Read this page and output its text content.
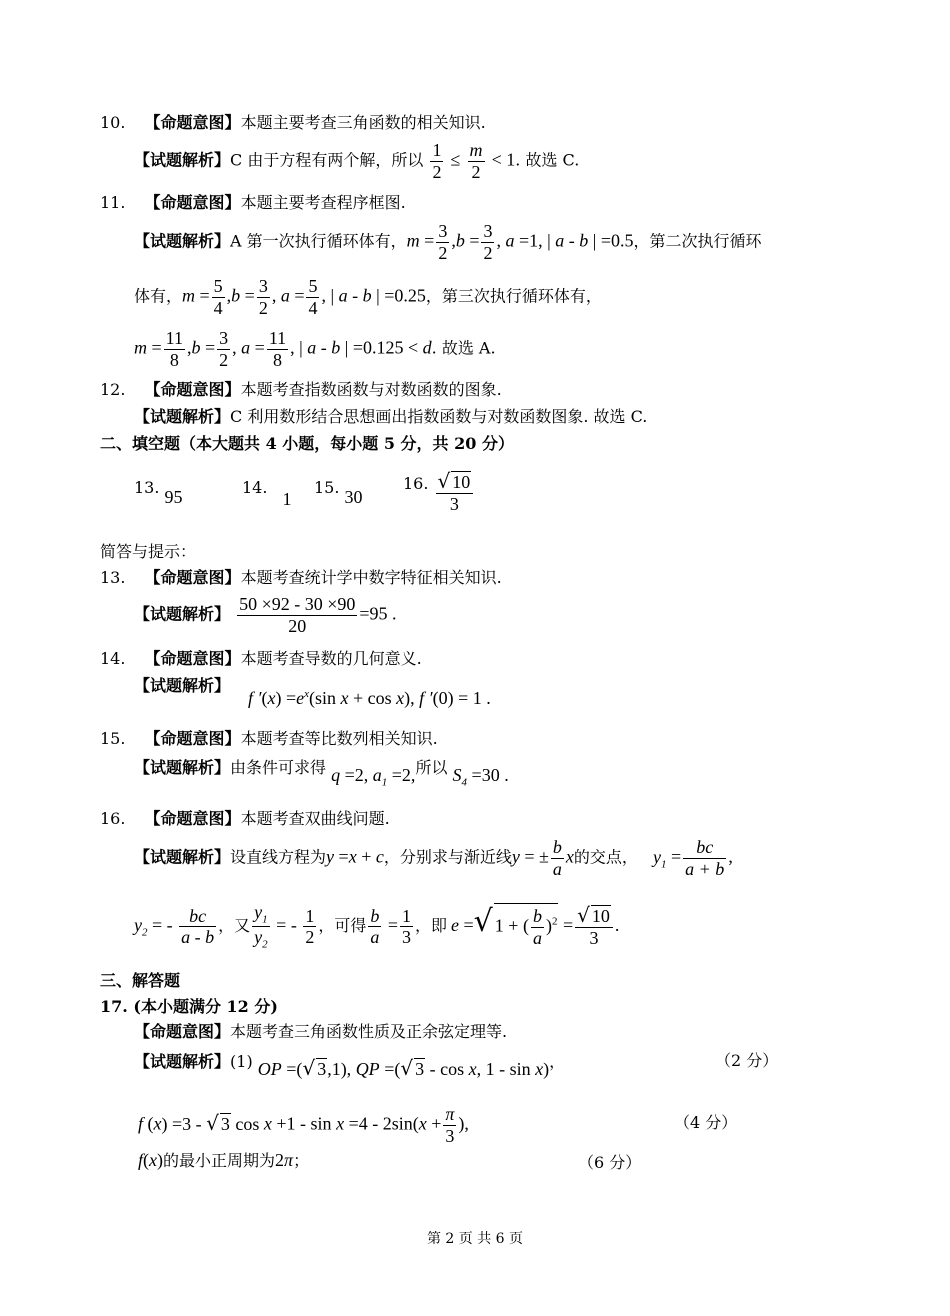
10. 【命题意图】本题主要考查三角函数的相关知识.
【试题解析】C 由于方程有两个解，所以 $\frac{1}{2} \le \frac{m}{2} < 1$. 故选 C.
11. 【命题意图】本题主要考查程序框图.
【试题解析】A 第一次执行循环体有，$m = \frac{3}{2} ,b = \frac{3}{2}$ , a =1, | a - b | =0.5，第二次执行循环
体有，$m = \frac{5}{4} ,b = \frac{3}{2}$ , $a = \frac{5}{4}$ , | a - b | =0.25，第三次执行循环体有，
$m = \frac{11}{8} ,b = \frac{3}{2}$ , $a = \frac{11}{8}$ , | a - b | =0.125 < d. 故选 A.
12. 【命题意图】本题考查指数函数与对数函数的图象.
【试题解析】C 利用数形结合思想画出指数函数与对数函数图象. 故选 C.
二、填空题（本大题共 4 小题，每小题 5 分，共 20 分）
13. 95	14. 1
15. 30
16. $\frac{√ 10}{3}$
简答与提示：
13. 【命题意图】本题考查统计学中数字特征相关知识.
【试题解析】 $\frac{50 \times 92 - 30 \times 90}{20} =95$ .
14. 【命题意图】本题考查导数的几何意义.
【试题解析】
f $'(x) =e^x(\sin$ x + cos x), f ′(0) = 1 .
15. 【命题意图】本题考查等比数列相关知识.
【试题解析】由条件可求得 q =2, $a_1 =2$,所以 $S_4 =30$ .
16. 【命题意图】本题考查双曲线问题.
【试题解析】设直线方程为y =x + c，分别求与渐近线y = ± $\frac{b}{a}$ x的交点， $y_1 = \frac{bc}{a + b}$ ,
$y_2$ = - $\frac{bc}{a - b}$ ，又 $\frac{y_1}{y_2}$ = - $\frac{1}{2}$ ，可得 $\frac{b}{a} = \frac{1}{3}$ ，即 e =√ 1 + ( $\frac{b}{a} )^2 = \frac{√ 10}{3}$ .
三、解答题
17. (本小题满分 12 分)
【命题意图】本题考查三角函数性质及正余弦定理等.
【试题解析】(1) OP =(√ 3,1), QP =(√ 3 - cos x, 1 - sin x)，	（2 分）
f (x) =3 - √ 3 $\cos x +1 - \sin x =4 - 2\sin(x + \frac{\pi}{3}$ ),	（4 分）
f(x)的最小正周期为2π；	（6 分）
第 2 页 共 6 页
